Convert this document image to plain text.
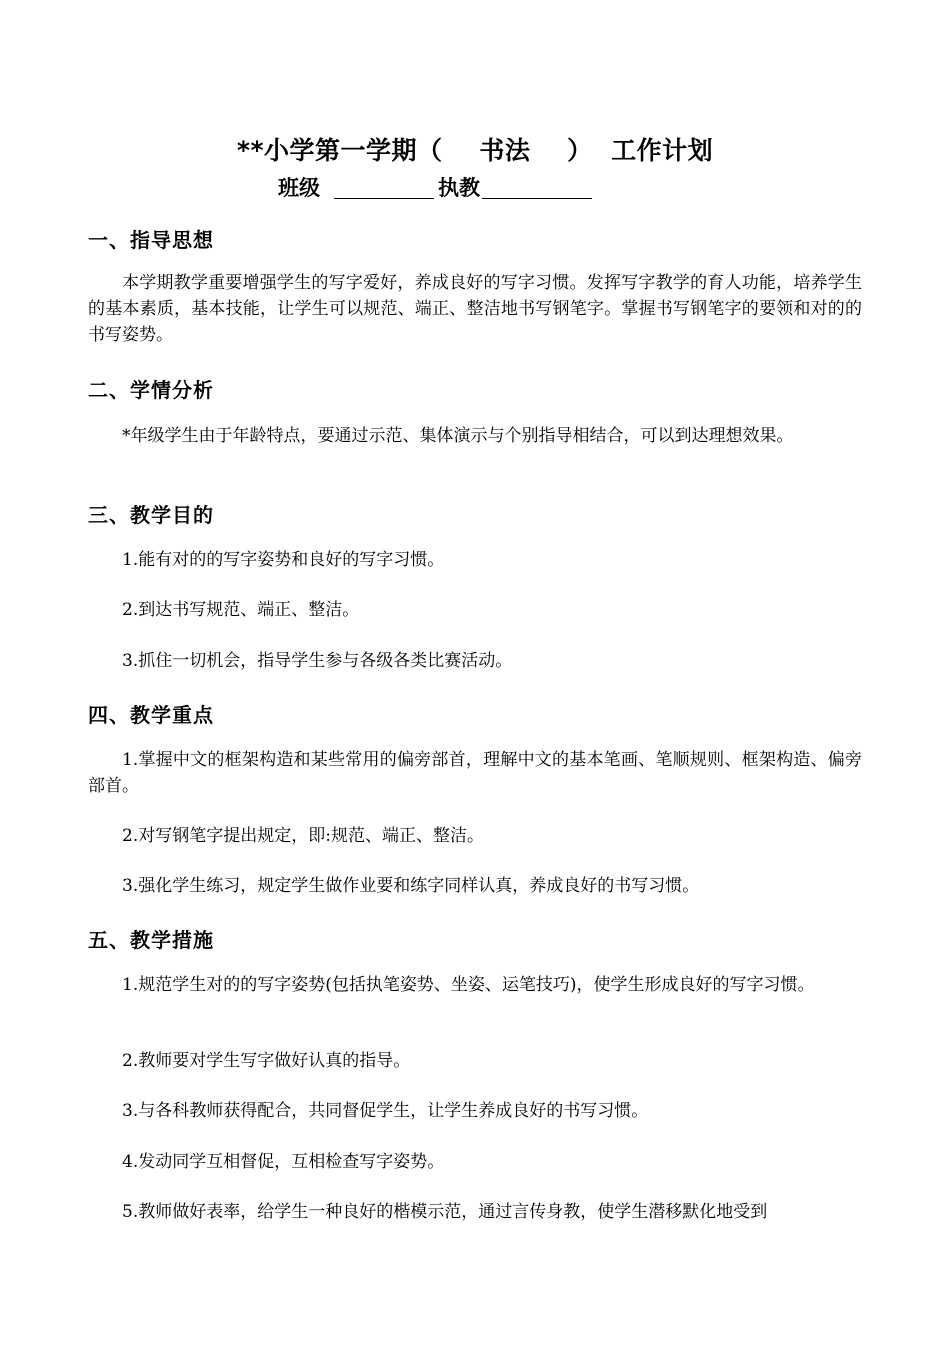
**小学第一学期（    书法    ）  工作计划
班级	执教
一、指导思想

本学期教学重要增强学生的写字爱好，养成良好的写字习惯。发挥写字教学的育人功能，培养学生的基本素质，基本技能，让学生可以规范、端正、整洁地书写钢笔字。掌握书写钢笔字的要领和对的的书写姿势。

二、学情分析

*年级学生由于年龄特点，要通过示范、集体演示与个别指导相结合，可以到达理想效果。

三、教学目的

1.能有对的的写字姿势和良好的写字习惯。

2.到达书写规范、端正、整洁。

3.抓住一切机会，指导学生参与各级各类比赛活动。

四、教学重点

1.掌握中文的框架构造和某些常用的偏旁部首，理解中文的基本笔画、笔顺规则、框架构造、偏旁部首。

2.对写钢笔字提出规定，即:规范、端正、整洁。

3.强化学生练习，规定学生做作业要和练字同样认真，养成良好的书写习惯。

五、教学措施

1.规范学生对的的写字姿势(包括执笔姿势、坐姿、运笔技巧)，使学生形成良好的写字习惯。

2.教师要对学生写字做好认真的指导。

3.与各科教师获得配合，共同督促学生，让学生养成良好的书写习惯。

4.发动同学互相督促，互相检查写字姿势。

5.教师做好表率，给学生一种良好的楷模示范，通过言传身教，使学生潜移默化地受到
